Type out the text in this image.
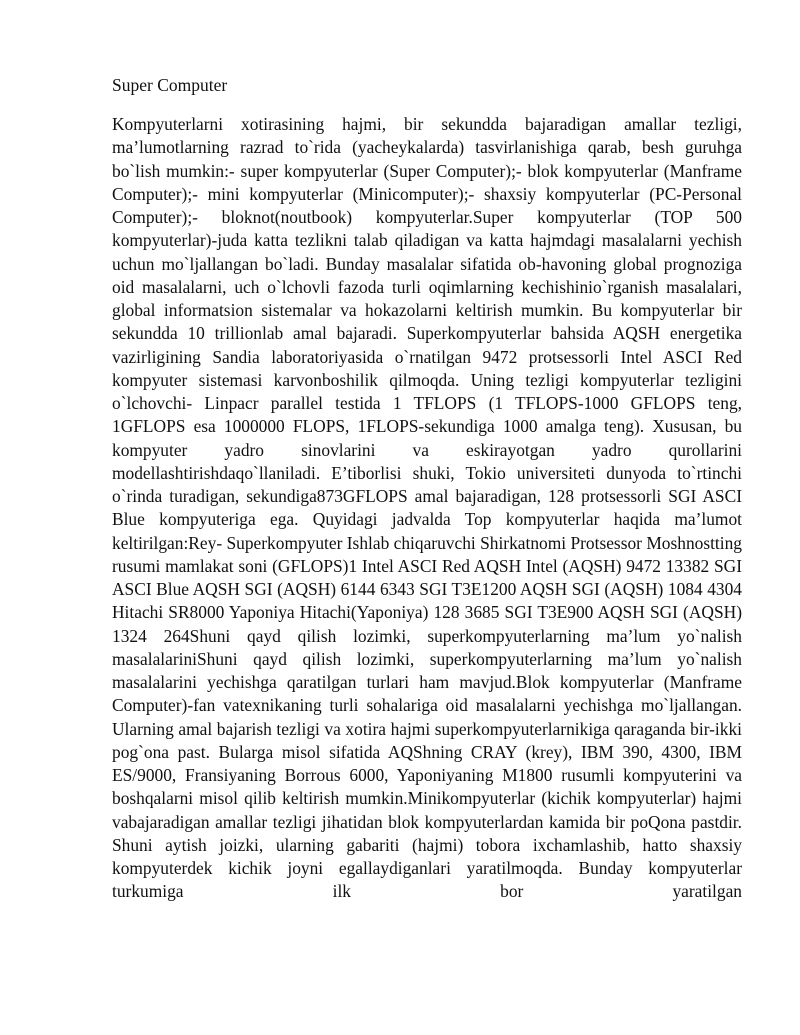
Super Computer

Kompyuterlarni xotirasining hajmi, bir sekundda bajaradigan amallar tezligi, ma’lumotlarning razrad to`rida (yacheykalarda) tasvirlanishiga qarab, besh guruhga bo`lish mumkin:- super kompyuterlar (Super Computer);- blok kompyuterlar (Manframe Computer);- mini kompyuterlar (Minicomputer);- shaxsiy kompyuterlar (PC-Personal Computer);- bloknot(noutbook) kompyuterlar.Super kompyuterlar (TOP 500 kompyuterlar)-juda katta tezlikni talab qiladigan va katta hajmdagi masalalarni yechish uchun mo`ljallangan bo`ladi. Bunday masalalar sifatida ob-havoning global prognoziga oid masalalarni, uch o`lchovli fazoda turli oqimlarning kechishinio`rganish masalalari, global informatsion sistemalar va hokazolarni keltirish mumkin. Bu kompyuterlar bir sekundda 10 trillionlab amal bajaradi. Superkompyuterlar bahsida AQSH energetika vazirligining Sandia laboratoriyasida o`rnatilgan 9472 protsessorli Intel ASCI Red kompyuter sistemasi karvonboshilik qilmoqda. Uning tezligi kompyuterlar tezligini o`lchovchi- Linpacr parallel testida 1 TFLOPS (1 TFLOPS-1000 GFLOPS teng, 1GFLOPS esa 1000000 FLOPS, 1FLOPS-sekundiga 1000 amalga teng). Xususan, bu kompyuter yadro sinovlarini va eskirayotgan yadro qurollarini modellashtirishdaqo`llaniladi. E’tiborlisi shuki, Tokio universiteti dunyoda to`rtinchi o`rinda turadigan, sekundiga873GFLOPS amal bajaradigan, 128 protsessorli SGI ASCI Blue kompyuteriga ega. Quyidagi jadvalda Top kompyuterlar haqida ma’lumot keltirilgan:Rey- Superkompyuter Ishlab chiqaruvchi Shirkatnomi Protsessor Moshnostting rusumi mamlakat soni (GFLOPS)1 Intel ASCI Red AQSH Intel (AQSH) 9472 13382 SGI ASCI Blue AQSH SGI (AQSH) 6144 6343 SGI T3E1200 AQSH SGI (AQSH) 1084 4304 Hitachi SR8000 Yaponiya Hitachi(Yaponiya) 128 3685 SGI T3E900 AQSH SGI (AQSH) 1324 264Shuni qayd qilish lozimki, superkompyuterlarning ma’lum yo`nalish masalalariniShuni qayd qilish lozimki, superkompyuterlarning ma’lum yo`nalish masalalarini yechishga qaratilgan turlari ham mavjud.Blok kompyuterlar (Manframe Computer)-fan vatexnikaning turli sohalariga oid masalalarni yechishga mo`ljallangan. Ularning amal bajarish tezligi va xotira hajmi superkompyuterlarnikiga qaraganda bir-ikki pog`ona past. Bularga misol sifatida AQShning CRAY (krey), IBM 390, 4300, IBM ES/9000, Fransiyaning Borrous 6000, Yaponiyaning M1800 rusumli kompyuterini va boshqalarni misol qilib keltirish mumkin.Minikompyuterlar (kichik kompyuterlar) hajmi vabajaradigan amallar tezligi jihatidan blok kompyuterlardan kamida bir poQona pastdir. Shuni aytish joizki, ularning gabariti (hajmi) tobora ixchamlashib, hatto shaxsiy kompyuterdek kichik joyni egallaydiganlari yaratilmoqda. Bunday kompyuterlar turkumiga ilk bor yaratilgan
